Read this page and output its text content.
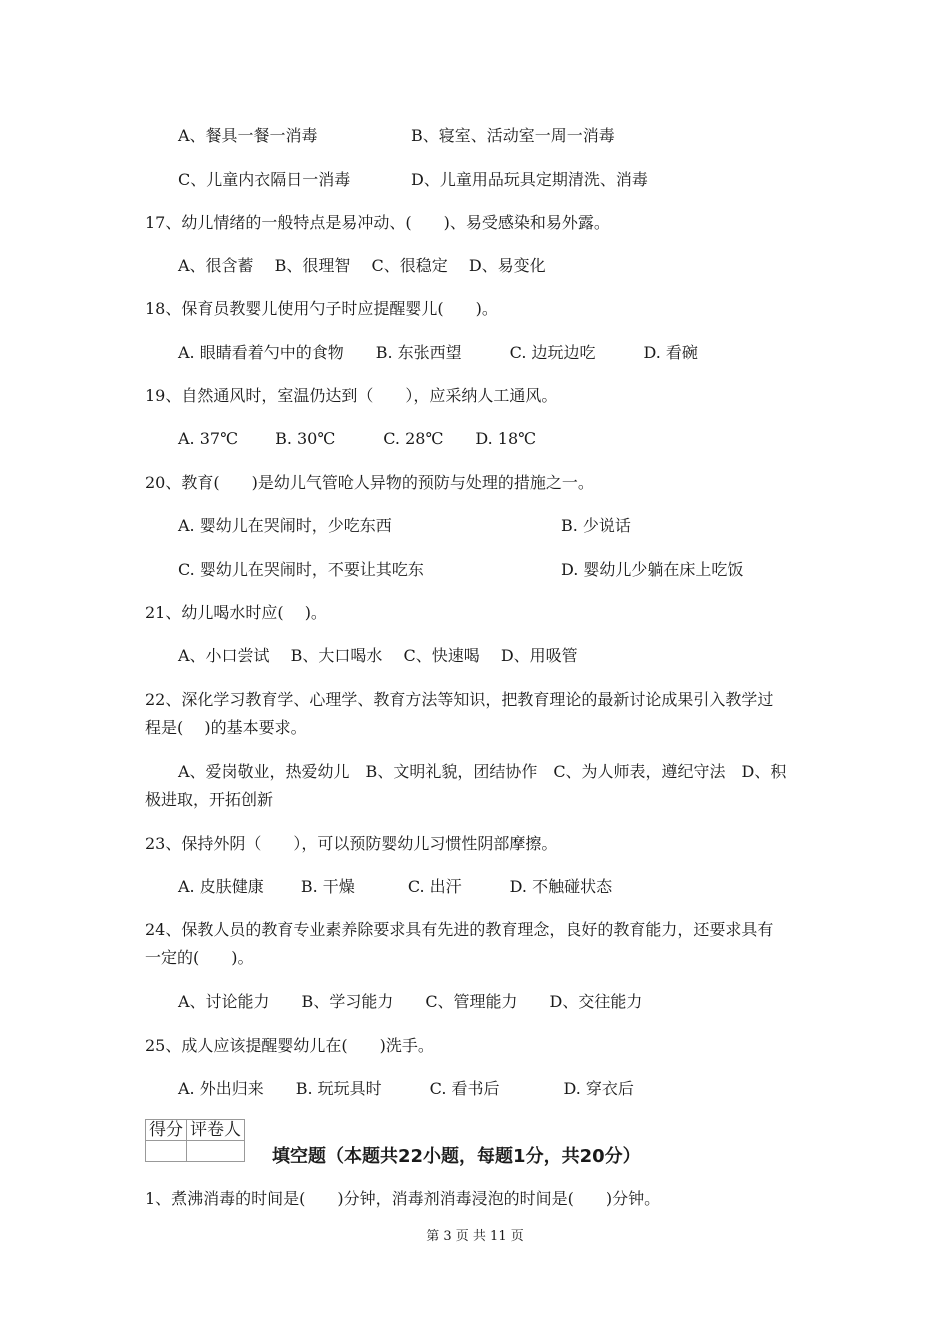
A、餐具一餐一消毒	B、寝室、活动室一周一消毒
C、儿童内衣隔日一消毒	D、儿童用品玩具定期清洗、消毒
17、幼儿情绪的一般特点是易冲动、(　　)、易受感染和易外露。
A、很含蓄　 B、很理智　 C、很稳定　 D、易变化
18、保育员教婴儿使用勺子时应提醒婴儿(　　)。
A. 眼睛看着勺中的食物　　B. 东张西望　　　C. 边玩边吃　　　D. 看碗
19、自然通风时，室温仍达到（　　），应采纳人工通风。
A. 37℃　　 B. 30℃　　　C. 28℃　　D. 18℃
20、教育(　　)是幼儿气管呛人异物的预防与处理的措施之一。
A. 婴幼儿在哭闹时，少吃东西	B. 少说话
C. 婴幼儿在哭闹时，不要让其吃东	D. 婴幼儿少躺在床上吃饭
21、幼儿喝水时应(　 )。
A、小口尝试　 B、大口喝水　 C、快速喝　 D、用吸管
22、深化学习教育学、心理学、教育方法等知识，把教育理论的最新讨论成果引入教学过
程是(　 )的基本要求。
A、爱岗敬业，热爱幼儿　B、文明礼貌，团结协作　C、为人师表，遵纪守法　D、积
极进取，开拓创新
23、保持外阴（　　），可以预防婴幼儿习惯性阴部摩擦。
A. 皮肤健康　　 B. 干燥　　　 C. 出汗　　　D. 不触碰状态
24、保教人员的教育专业素养除要求具有先进的教育理念，良好的教育能力，还要求具有
一定的(　　)。
A、讨论能力　　B、学习能力　　C、管理能力　　D、交往能力
25、成人应该提醒婴幼儿在(　　)洗手。
A. 外出归来　　B. 玩玩具时　　　C. 看书后　　　　D. 穿衣后
得分	评卷人

填空题（本题共22小题，每题1分，共20分）
1、煮沸消毒的时间是(　　)分钟，消毒剂消毒浸泡的时间是(　　)分钟。
第 3 页 共 11 页
